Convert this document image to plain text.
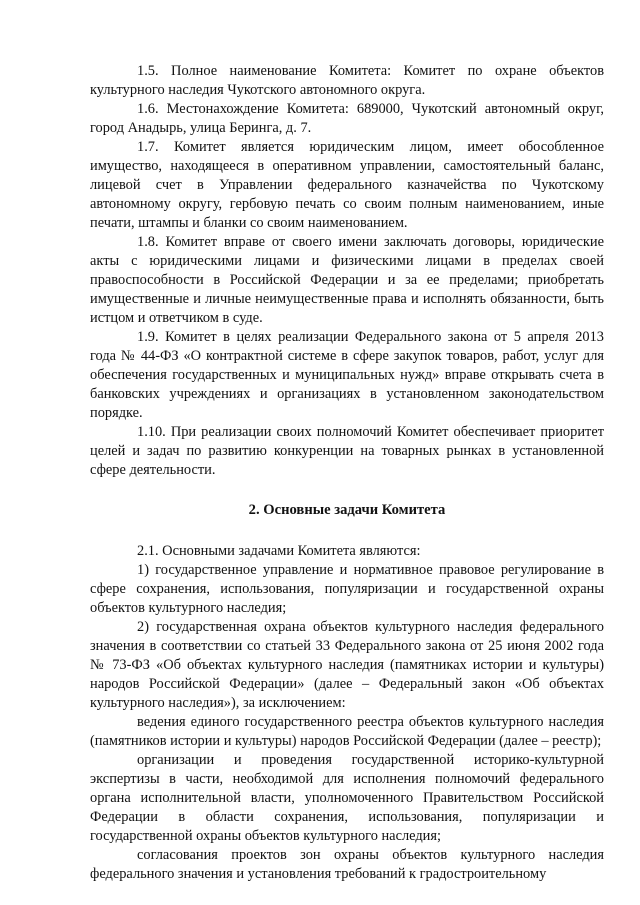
1.5. Полное наименование Комитета: Комитет по охране объектов культурного наследия Чукотского автономного округа.

1.6. Местонахождение Комитета: 689000, Чукотский автономный округ, город Анадырь, улица Беринга, д. 7.

1.7. Комитет является юридическим лицом, имеет обособленное имущество, находящееся в оперативном управлении, самостоятельный баланс, лицевой счет в Управлении федерального казначейства по Чукотскому автономному округу, гербовую печать со своим полным наименованием, иные печати, штампы и бланки со своим наименованием.

1.8. Комитет вправе от своего имени заключать договоры, юридические акты с юридическими лицами и физическими лицами в пределах своей правоспособности в Российской Федерации и за ее пределами; приобретать имущественные и личные неимущественные права и исполнять обязанности, быть истцом и ответчиком в суде.

1.9. Комитет в целях реализации Федерального закона от 5 апреля 2013 года № 44-ФЗ «О контрактной системе в сфере закупок товаров, работ, услуг для обеспечения государственных и муниципальных нужд» вправе открывать счета в банковских учреждениях и организациях в установленном законодательством порядке.

1.10. При реализации своих полномочий Комитет обеспечивает приоритет целей и задач по развитию конкуренции на товарных рынках в установленной сфере деятельности.

2. Основные задачи Комитета

2.1. Основными задачами Комитета являются:

1) государственное управление и нормативное правовое регулирование в сфере сохранения, использования, популяризации и государственной охраны объектов культурного наследия;

2) государственная охрана объектов культурного наследия федерального значения в соответствии со статьей 33 Федерального закона от 25 июня 2002 года № 73-ФЗ «Об объектах культурного наследия (памятниках истории и культуры) народов Российской Федерации» (далее – Федеральный закон «Об объектах культурного наследия»), за исключением:

ведения единого государственного реестра объектов культурного наследия (памятников истории и культуры) народов Российской Федерации (далее – реестр);

организации и проведения государственной историко-культурной экспертизы в части, необходимой для исполнения полномочий федерального органа исполнительной власти, уполномоченного Правительством Российской Федерации в области сохранения, использования, популяризации и государственной охраны объектов культурного наследия;

согласования проектов зон охраны объектов культурного наследия федерального значения и установления требований к градостроительному
